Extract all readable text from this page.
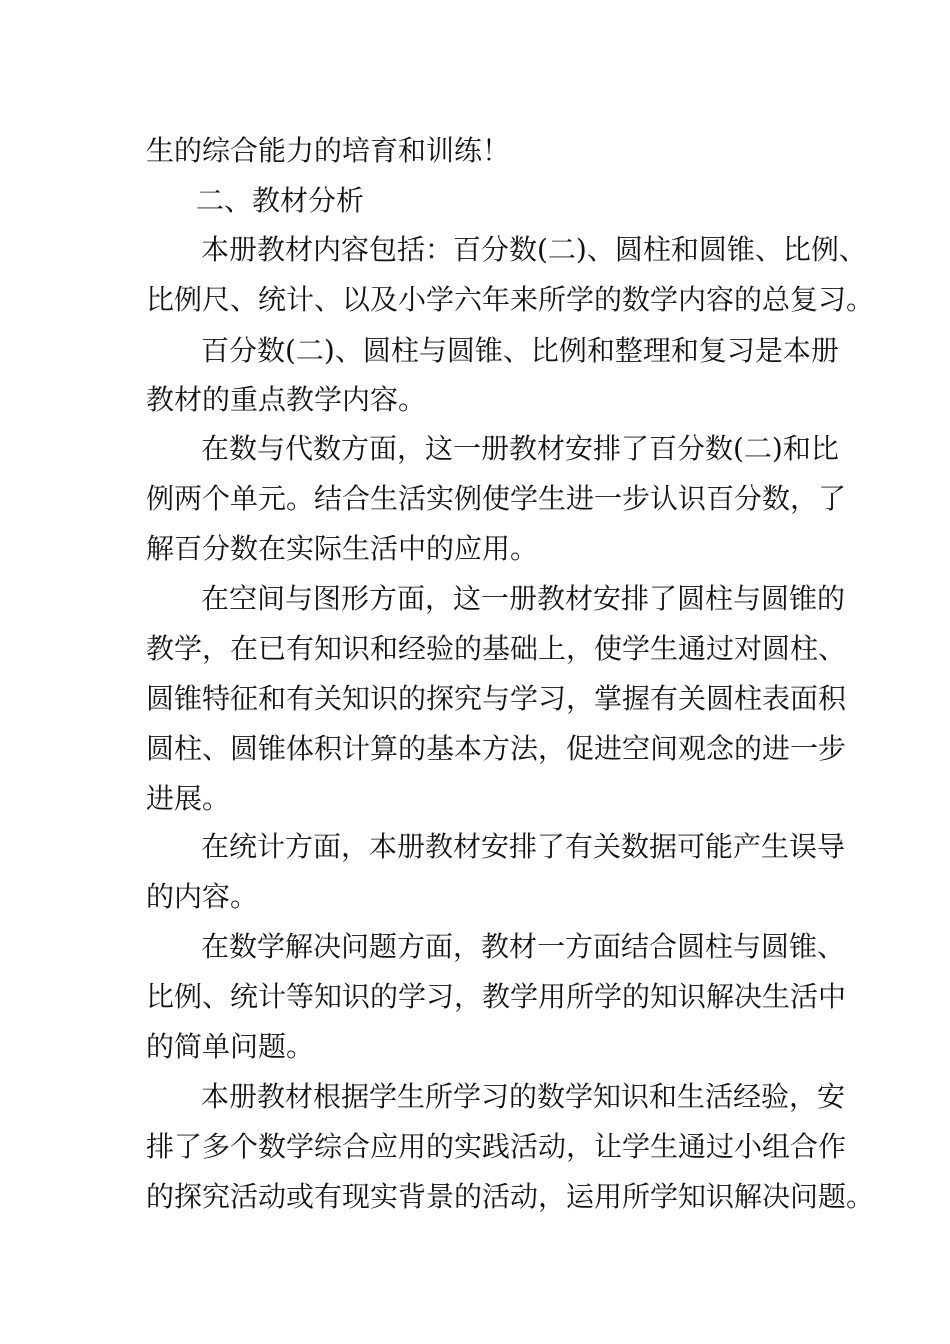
生的综合能力的培育和训练！
二、教材分析
本册教材内容包括：百分数(二)、圆柱和圆锥、比例、
比例尺、统计、以及小学六年来所学的数学内容的总复习。
百分数(二)、圆柱与圆锥、比例和整理和复习是本册
教材的重点教学内容。
在数与代数方面，这一册教材安排了百分数(二)和比
例两个单元。结合生活实例使学生进一步认识百分数，了
解百分数在实际生活中的应用。
在空间与图形方面，这一册教材安排了圆柱与圆锥的
教学，在已有知识和经验的基础上，使学生通过对圆柱、
圆锥特征和有关知识的探究与学习，掌握有关圆柱表面积
圆柱、圆锥体积计算的基本方法，促进空间观念的进一步
进展。
在统计方面，本册教材安排了有关数据可能产生误导
的内容。
在数学解决问题方面，教材一方面结合圆柱与圆锥、
比例、统计等知识的学习，教学用所学的知识解决生活中
的简单问题。
本册教材根据学生所学习的数学知识和生活经验，安
排了多个数学综合应用的实践活动，让学生通过小组合作
的探究活动或有现实背景的活动，运用所学知识解决问题。
